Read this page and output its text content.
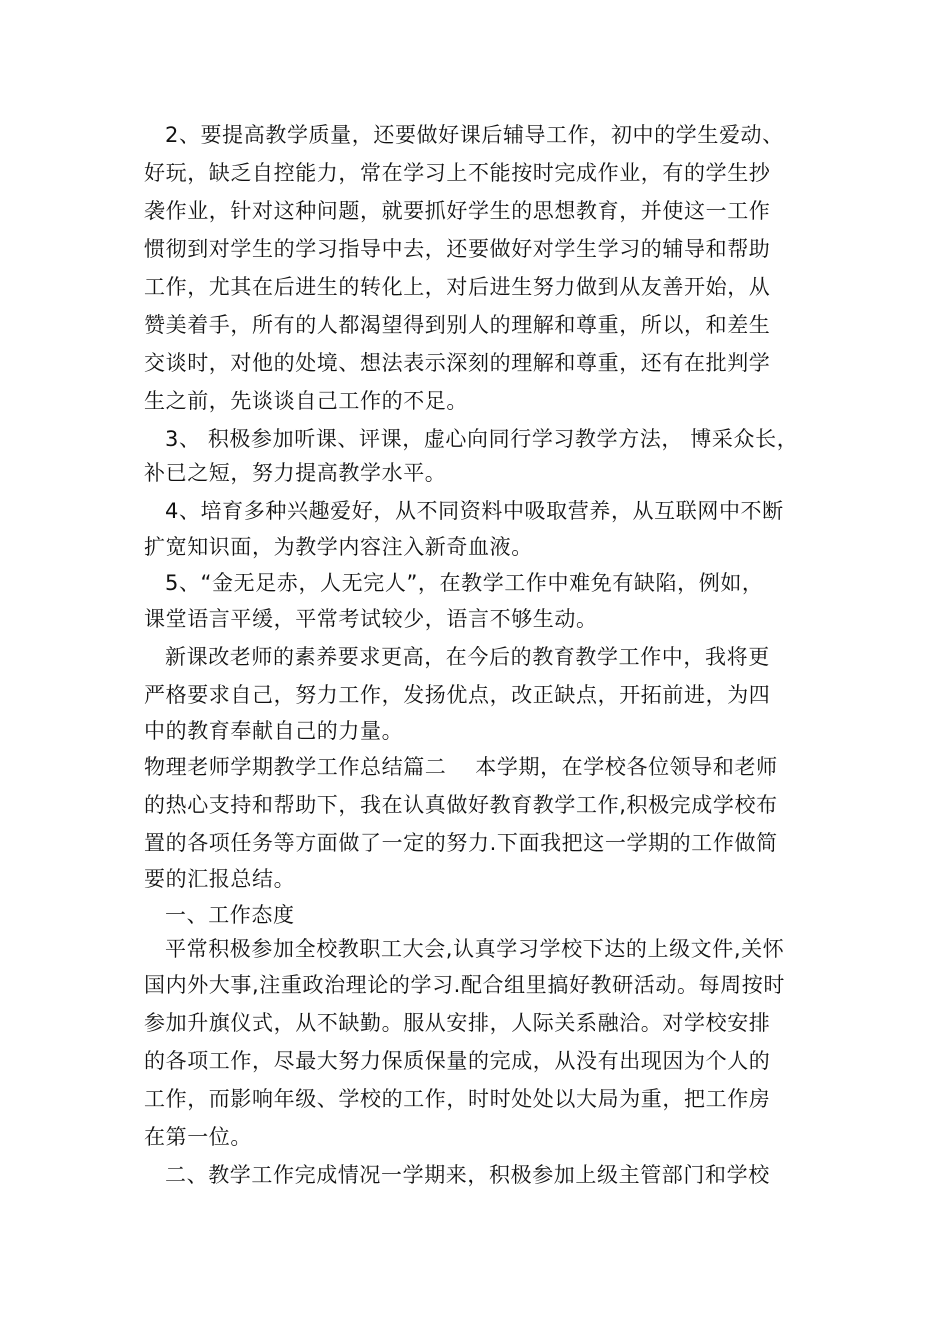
2、要提高教学质量，还要做好课后辅导工作，初中的学生爱动、
好玩，缺乏自控能力，常在学习上不能按时完成作业，有的学生抄
袭作业，针对这种问题，就要抓好学生的思想教育，并使这一工作
惯彻到对学生的学习指导中去，还要做好对学生学习的辅导和帮助
工作，尤其在后进生的转化上，对后进生努力做到从友善开始，从
赞美着手，所有的人都渴望得到别人的理解和尊重，所以，和差生
交谈时，对他的处境、想法表示深刻的理解和尊重，还有在批判学
生之前，先谈谈自己工作的不足。
3、 积极参加听课、评课，虚心向同行学习教学方法， 博采众长，
补已之短，努力提高教学水平。
4、培育多种兴趣爱好，从不同资料中吸取营养，从互联网中不断
扩宽知识面，为教学内容注入新奇血液。
5、“金无足赤，人无完人”，在教学工作中难免有缺陷，例如，
课堂语言平缓，平常考试较少，语言不够生动。
新课改老师的素养要求更高，在今后的教育教学工作中，我将更
严格要求自己，努力工作，发扬优点，改正缺点，开拓前进，为四
中的教育奉献自己的力量。
物理老师学期教学工作总结篇二　 本学期，在学校各位领导和老师
的热心支持和帮助下，我在认真做好教育教学工作,积极完成学校布
置的各项任务等方面做了一定的努力.下面我把这一学期的工作做简
要的汇报总结。
一、工作态度
平常积极参加全校教职工大会,认真学习学校下达的上级文件,关怀
国内外大事,注重政治理论的学习.配合组里搞好教研活动。每周按时
参加升旗仪式，从不缺勤。服从安排，人际关系融洽。对学校安排
的各项工作，尽最大努力保质保量的完成，从没有出现因为个人的
工作，而影响年级、学校的工作，时时处处以大局为重，把工作房
在第一位。
二、教学工作完成情况一学期来，积极参加上级主管部门和学校
